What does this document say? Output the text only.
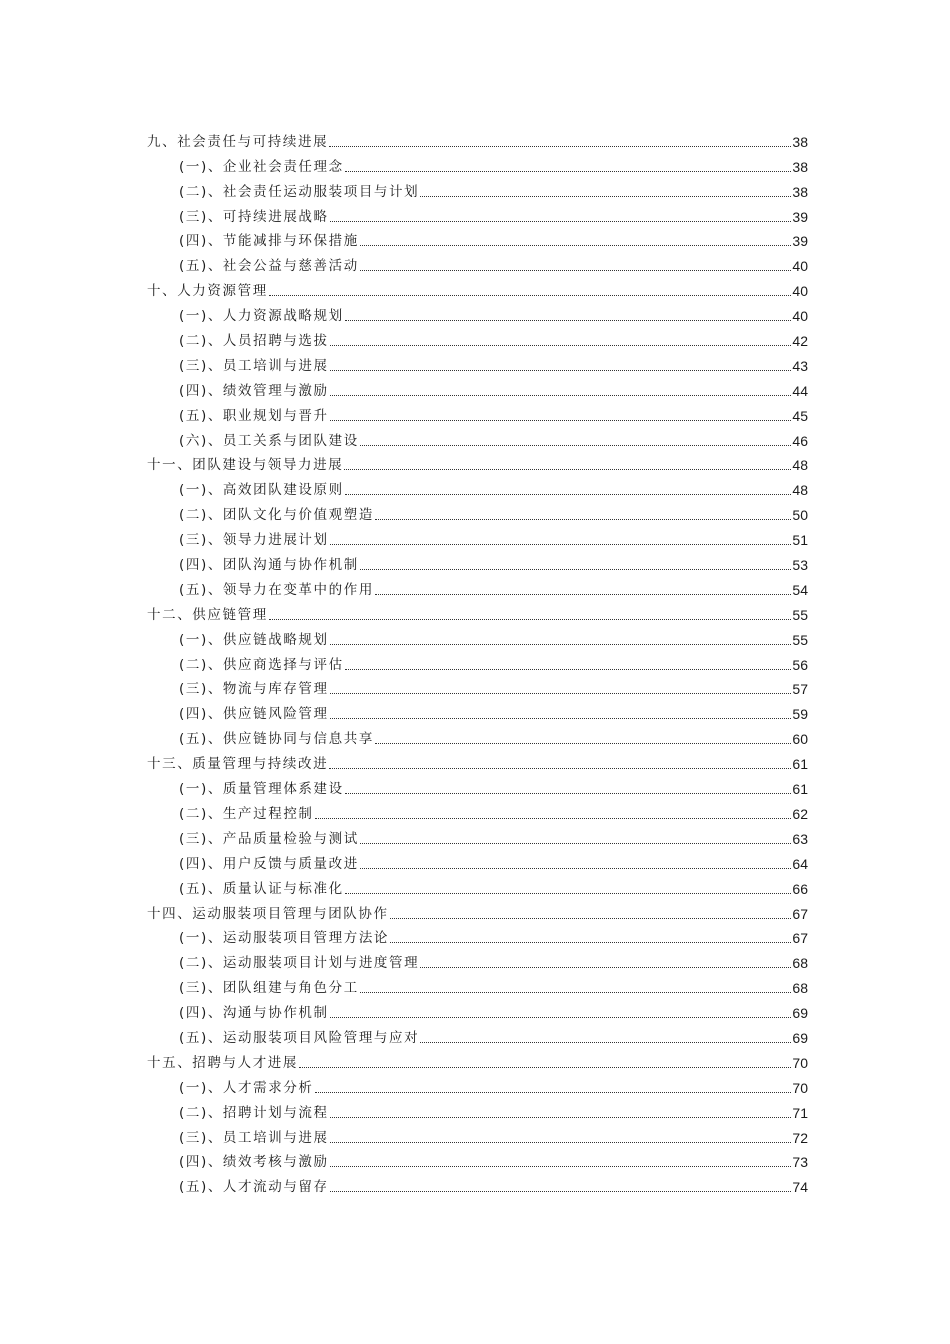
九、社会责任与可持续进展	38
(一)、企业社会责任理念	38
(二)、社会责任运动服装项目与计划	38
(三)、可持续进展战略	39
(四)、节能减排与环保措施	39
(五)、社会公益与慈善活动	40
十、人力资源管理	40
(一)、人力资源战略规划	40
(二)、人员招聘与选拔	42
(三)、员工培训与进展	43
(四)、绩效管理与激励	44
(五)、职业规划与晋升	45
(六)、员工关系与团队建设	46
十一、团队建设与领导力进展	48
(一)、高效团队建设原则	48
(二)、团队文化与价值观塑造	50
(三)、领导力进展计划	51
(四)、团队沟通与协作机制	53
(五)、领导力在变革中的作用	54
十二、供应链管理	55
(一)、供应链战略规划	55
(二)、供应商选择与评估	56
(三)、物流与库存管理	57
(四)、供应链风险管理	59
(五)、供应链协同与信息共享	60
十三、质量管理与持续改进	61
(一)、质量管理体系建设	61
(二)、生产过程控制	62
(三)、产品质量检验与测试	63
(四)、用户反馈与质量改进	64
(五)、质量认证与标准化	66
十四、运动服装项目管理与团队协作	67
(一)、运动服装项目管理方法论	67
(二)、运动服装项目计划与进度管理	68
(三)、团队组建与角色分工	68
(四)、沟通与协作机制	69
(五)、运动服装项目风险管理与应对	69
十五、招聘与人才进展	70
(一)、人才需求分析	70
(二)、招聘计划与流程	71
(三)、员工培训与进展	72
(四)、绩效考核与激励	73
(五)、人才流动与留存	74
